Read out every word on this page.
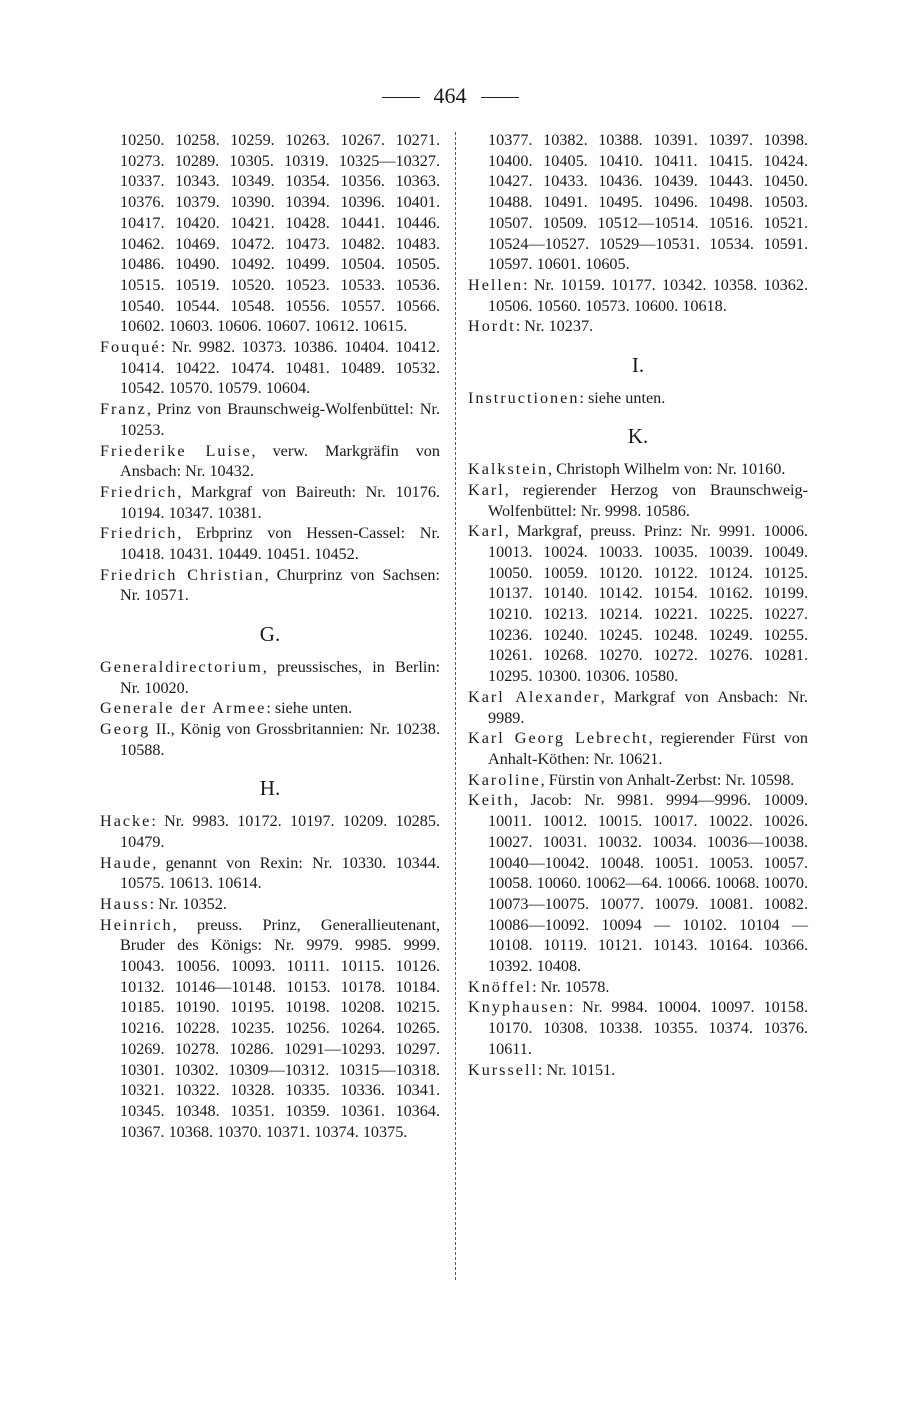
464
10250. 10258. 10259. 10263. 10267. 10271. 10273. 10289. 10305. 10319. 10325—10327. 10337. 10343. 10349. 10354. 10356. 10363. 10376. 10379. 10390. 10394. 10396. 10401. 10417. 10420. 10421. 10428. 10441. 10446. 10462. 10469. 10472. 10473. 10482. 10483. 10486. 10490. 10492. 10499. 10504. 10505. 10515. 10519. 10520. 10523. 10533. 10536. 10540. 10544. 10548. 10556. 10557. 10566. 10602. 10603. 10606. 10607. 10612. 10615.
Fouqué: Nr. 9982. 10373. 10386. 10404. 10412. 10414. 10422. 10474. 10481. 10489. 10532. 10542. 10570. 10579. 10604.
Franz, Prinz von Braunschweig-Wolfenbüttel: Nr. 10253.
Friederike Luise, verw. Markgräfin von Ansbach: Nr. 10432.
Friedrich, Markgraf von Baireuth: Nr. 10176. 10194. 10347. 10381.
Friedrich, Erbprinz von Hessen-Cassel: Nr. 10418. 10431. 10449. 10451. 10452.
Friedrich Christian, Churprinz von Sachsen: Nr. 10571.
G.
Generaldirectorium, preussisches, in Berlin: Nr. 10020.
Generale der Armee: siehe unten.
Georg II., König von Grossbritannien: Nr. 10238. 10588.
H.
Hacke: Nr. 9983. 10172. 10197. 10209. 10285. 10479.
Haude, genannt von Rexin: Nr. 10330. 10344. 10575. 10613. 10614.
Hauss: Nr. 10352.
Heinrich, preuss. Prinz, Generallieutenant, Bruder des Königs: Nr. 9979. 9985. 9999. 10043. 10056. 10093. 10111. 10115. 10126. 10132. 10146—10148. 10153. 10178. 10184. 10185. 10190. 10195. 10198. 10208. 10215. 10216. 10228. 10235. 10256. 10264. 10265. 10269. 10278. 10286. 10291—10293. 10297. 10301. 10302. 10309—10312. 10315—10318. 10321. 10322. 10328. 10335. 10336. 10341. 10345. 10348. 10351. 10359. 10361. 10364. 10367. 10368. 10370. 10371. 10374. 10375.
10377. 10382. 10388. 10391. 10397. 10398. 10400. 10405. 10410. 10411. 10415. 10424. 10427. 10433. 10436. 10439. 10443. 10450. 10488. 10491. 10495. 10496. 10498. 10503. 10507. 10509. 10512—10514. 10516. 10521. 10524—10527. 10529—10531. 10534. 10591. 10597. 10601. 10605.
Hellen: Nr. 10159. 10177. 10342. 10358. 10362. 10506. 10560. 10573. 10600. 10618.
Hordt: Nr. 10237.
I.
Instructionen: siehe unten.
K.
Kalkstein, Christoph Wilhelm von: Nr. 10160.
Karl, regierender Herzog von Braunschweig-Wolfenbüttel: Nr. 9998. 10586.
Karl, Markgraf, preuss. Prinz: Nr. 9991. 10006. 10013. 10024. 10033. 10035. 10039. 10049. 10050. 10059. 10120. 10122. 10124. 10125. 10137. 10140. 10142. 10154. 10162. 10199. 10210. 10213. 10214. 10221. 10225. 10227. 10236. 10240. 10245. 10248. 10249. 10255. 10261. 10268. 10270. 10272. 10276. 10281. 10295. 10300. 10306. 10580.
Karl Alexander, Markgraf von Ansbach: Nr. 9989.
Karl Georg Lebrecht, regierender Fürst von Anhalt-Köthen: Nr. 10621.
Karoline, Fürstin von Anhalt-Zerbst: Nr. 10598.
Keith, Jacob: Nr. 9981. 9994—9996. 10009. 10011. 10012. 10015. 10017. 10022. 10026. 10027. 10031. 10032. 10034. 10036—10038. 10040—10042. 10048. 10051. 10053. 10057. 10058. 10060. 10062—64. 10066. 10068. 10070. 10073—10075. 10077. 10079. 10081. 10082. 10086—10092. 10094 — 10102. 10104 — 10108. 10119. 10121. 10143. 10164. 10366. 10392. 10408.
Knöffel: Nr. 10578.
Knyphausen: Nr. 9984. 10004. 10097. 10158. 10170. 10308. 10338. 10355. 10374. 10376. 10611.
Kurssell: Nr. 10151.
